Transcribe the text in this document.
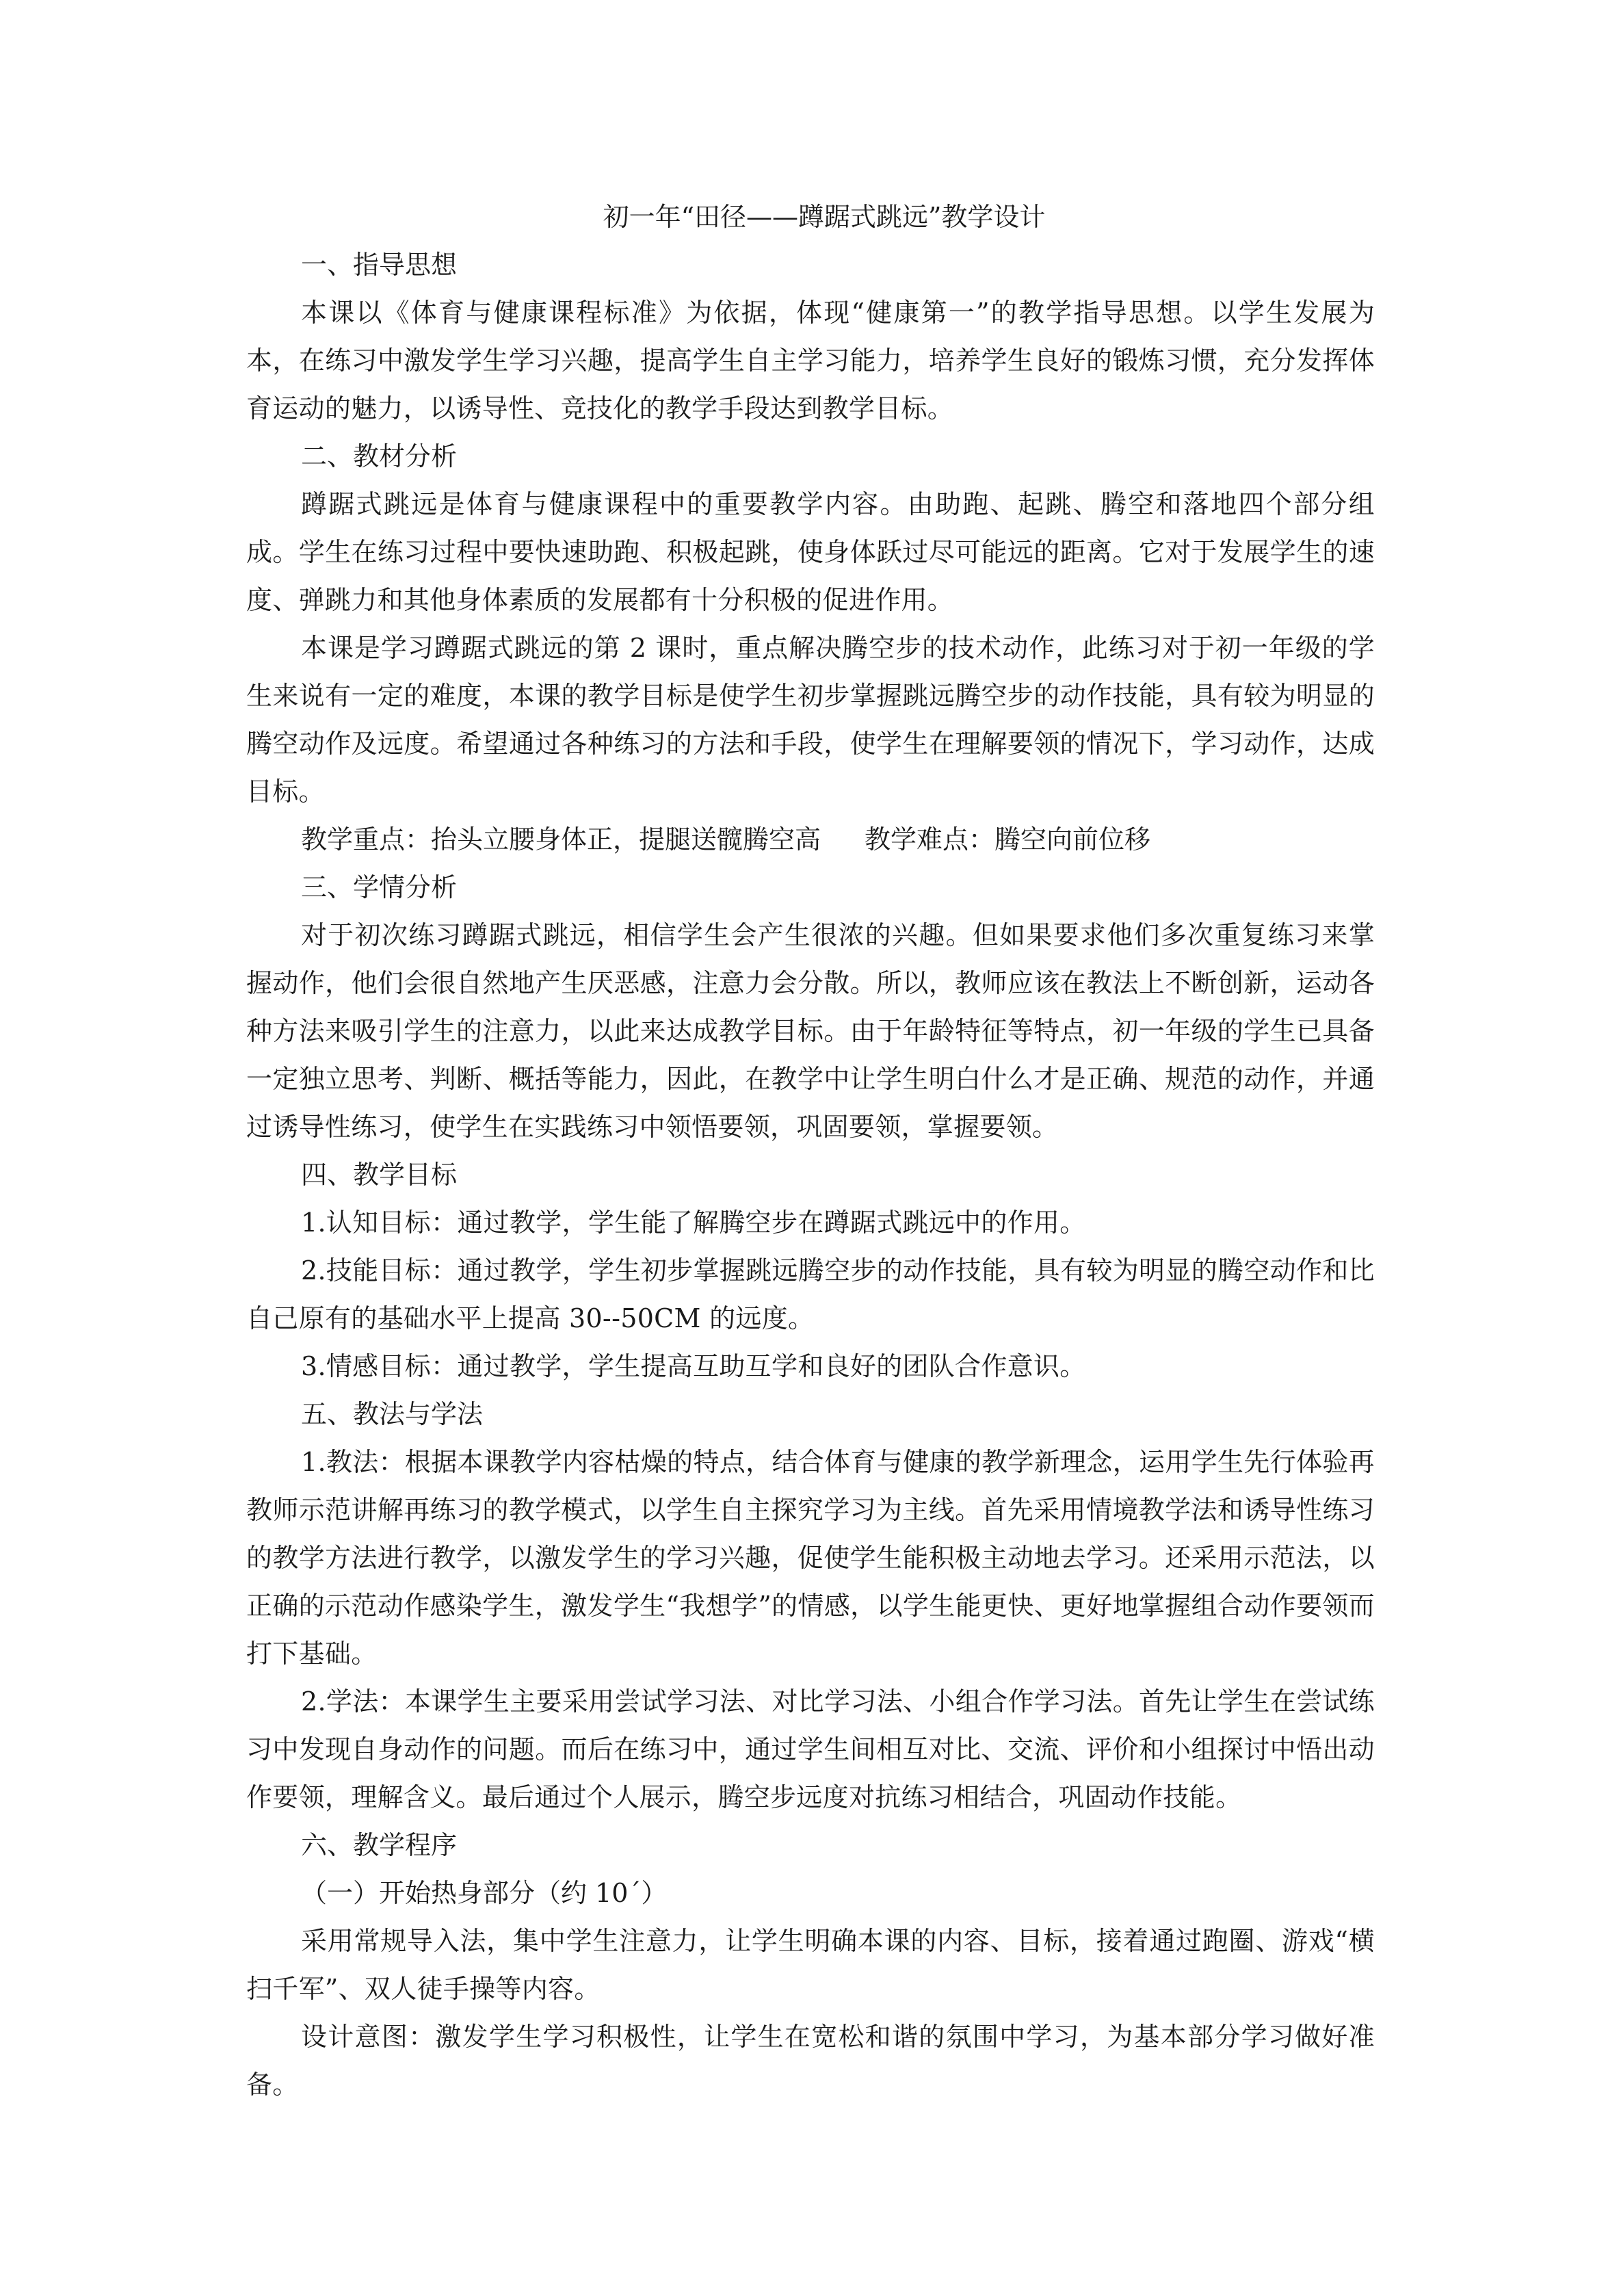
初一年“田径——蹲踞式跳远”教学设计

一、指导思想

本课以《体育与健康课程标准》为依据，体现“健康第一”的教学指导思想。以学生发展为本，在练习中激发学生学习兴趣，提高学生自主学习能力，培养学生良好的锻炼习惯，充分发挥体育运动的魅力，以诱导性、竞技化的教学手段达到教学目标。

二、教材分析

蹲踞式跳远是体育与健康课程中的重要教学内容。由助跑、起跳、腾空和落地四个部分组成。学生在练习过程中要快速助跑、积极起跳，使身体跃过尽可能远的距离。它对于发展学生的速度、弹跳力和其他身体素质的发展都有十分积极的促进作用。

本课是学习蹲踞式跳远的第 2 课时，重点解决腾空步的技术动作，此练习对于初一年级的学生来说有一定的难度，本课的教学目标是使学生初步掌握跳远腾空步的动作技能，具有较为明显的腾空动作及远度。希望通过各种练习的方法和手段，使学生在理解要领的情况下，学习动作，达成目标。

教学重点：抬头立腰身体正，提腿送髋腾空高 教学难点：腾空向前位移

三、学情分析

对于初次练习蹲踞式跳远，相信学生会产生很浓的兴趣。但如果要求他们多次重复练习来掌握动作，他们会很自然地产生厌恶感，注意力会分散。所以，教师应该在教法上不断创新，运动各种方法来吸引学生的注意力，以此来达成教学目标。由于年龄特征等特点，初一年级的学生已具备一定独立思考、判断、概括等能力，因此，在教学中让学生明白什么才是正确、规范的动作，并通过诱导性练习，使学生在实践练习中领悟要领，巩固要领，掌握要领。

四、教学目标

1.认知目标：通过教学，学生能了解腾空步在蹲踞式跳远中的作用。

2.技能目标：通过教学，学生初步掌握跳远腾空步的动作技能，具有较为明显的腾空动作和比自己原有的基础水平上提高 30--50CM 的远度。

3.情感目标：通过教学，学生提高互助互学和良好的团队合作意识。

五、教法与学法

1.教法：根据本课教学内容枯燥的特点，结合体育与健康的教学新理念，运用学生先行体验再教师示范讲解再练习的教学模式，以学生自主探究学习为主线。首先采用情境教学法和诱导性练习的教学方法进行教学，以激发学生的学习兴趣，促使学生能积极主动地去学习。还采用示范法，以正确的示范动作感染学生，激发学生“我想学”的情感，以学生能更快、更好地掌握组合动作要领而打下基础。

2.学法：本课学生主要采用尝试学习法、对比学习法、小组合作学习法。首先让学生在尝试练习中发现自身动作的问题。而后在练习中，通过学生间相互对比、交流、评价和小组探讨中悟出动作要领，理解含义。最后通过个人展示，腾空步远度对抗练习相结合，巩固动作技能。

六、教学程序

（一）开始热身部分（约 10´）

采用常规导入法，集中学生注意力，让学生明确本课的内容、目标，接着通过跑圈、游戏“横扫千军”、双人徒手操等内容。

设计意图：激发学生学习积极性，让学生在宽松和谐的氛围中学习，为基本部分学习做好准备。
